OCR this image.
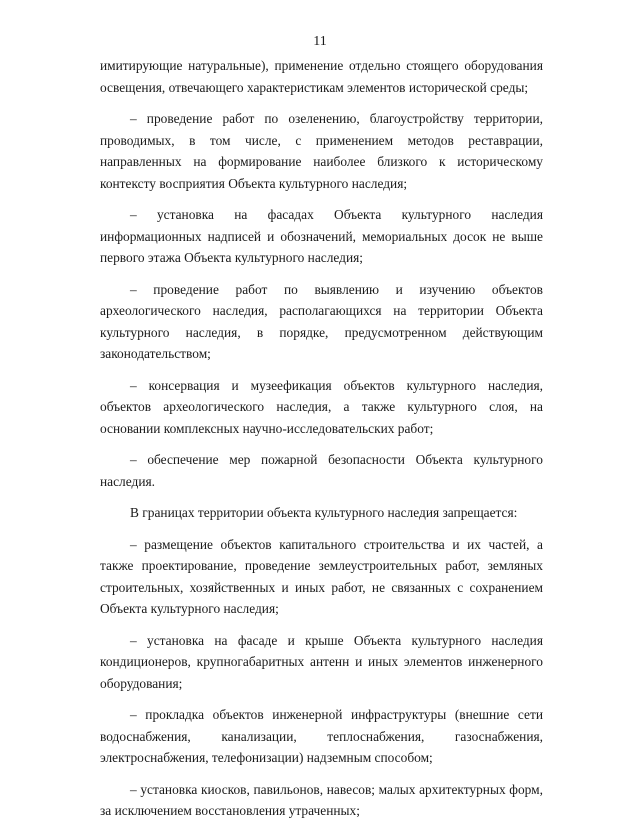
11

имитирующие натуральные), применение отдельно стоящего оборудования освещения, отвечающего характеристикам элементов исторической среды;

– проведение работ по озеленению, благоустройству территории, проводимых, в том числе, с применением методов реставрации, направленных на формирование наиболее близкого к историческому контексту восприятия Объекта культурного наследия;

– установка на фасадах Объекта культурного наследия информационных надписей и обозначений, мемориальных досок не выше первого этажа Объекта культурного наследия;

– проведение работ по выявлению и изучению объектов археологического наследия, располагающихся на территории Объекта культурного наследия, в порядке, предусмотренном действующим законодательством;

– консервация и музеефикация объектов культурного наследия, объектов археологического наследия, а также культурного слоя, на основании комплексных научно-исследовательских работ;

– обеспечение мер пожарной безопасности Объекта культурного наследия.

В границах территории объекта культурного наследия запрещается:

– размещение объектов капитального строительства и их частей, а также проектирование, проведение землеустроительных работ, земляных строительных, хозяйственных и иных работ, не связанных с сохранением Объекта культурного наследия;

– установка на фасаде и крыше Объекта культурного наследия кондиционеров, крупногабаритных антенн и иных элементов инженерного оборудования;

– прокладка объектов инженерной инфраструктуры (внешние сети водоснабжения, канализации, теплоснабжения, газоснабжения, электроснабжения, телефонизации) надземным способом;

– установка киосков, павильонов, навесов; малых архитектурных форм, за исключением восстановления утраченных;
